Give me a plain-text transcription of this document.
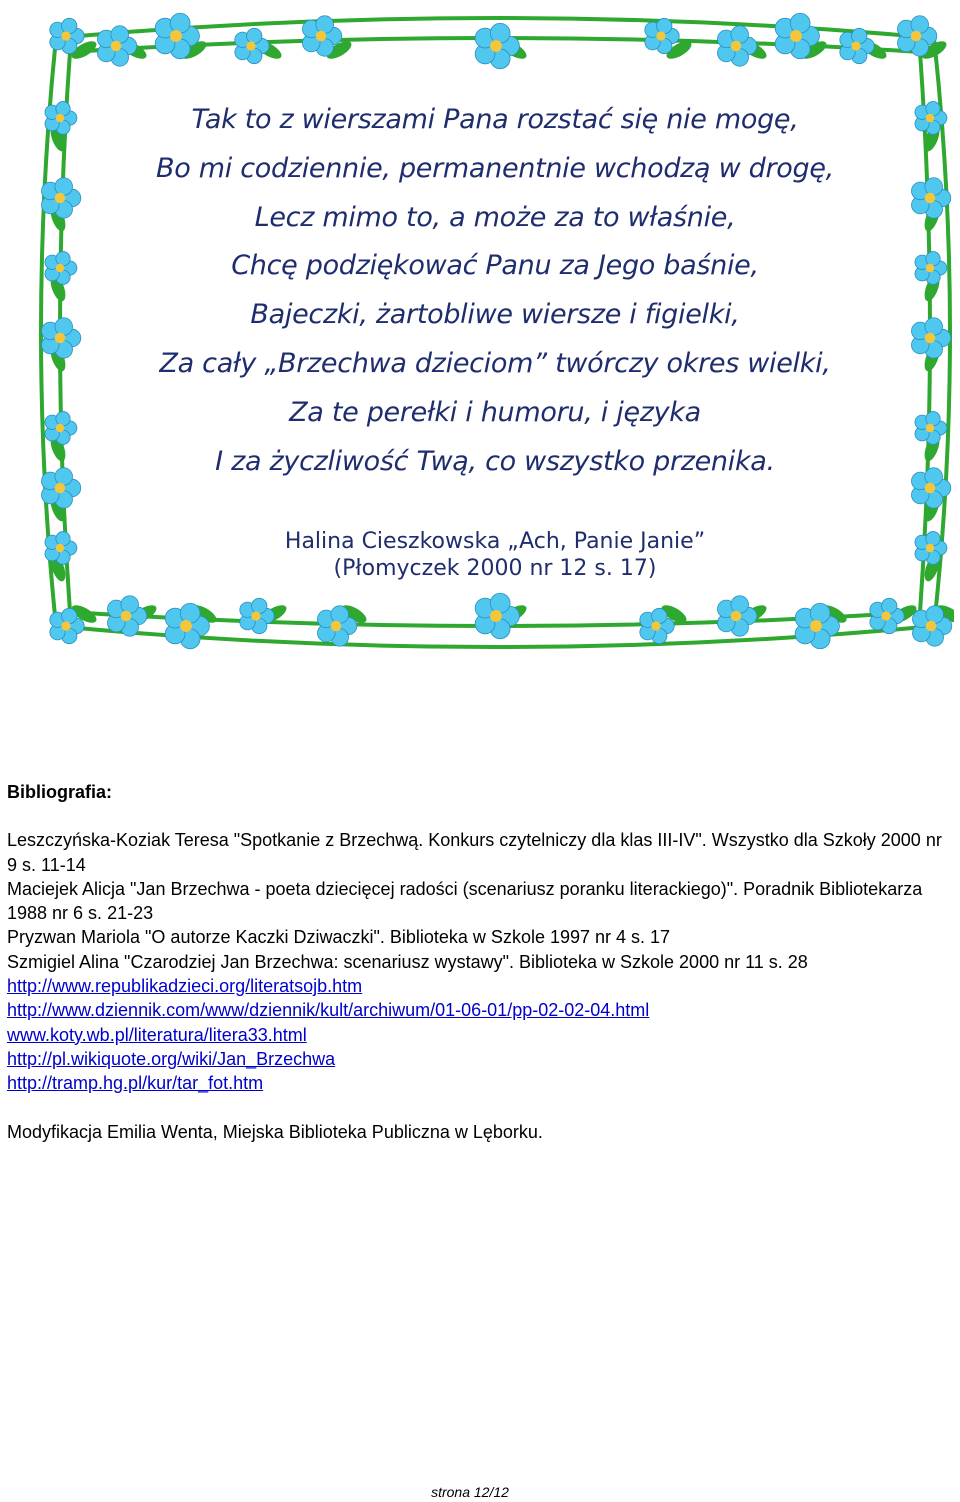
Tak to z wierszami Pana rozstać się nie mogę,
Bo mi codziennie, permanentnie wchodzą w drogę,
Lecz mimo to, a może za to właśnie,
Chcę podziękować Panu za Jego baśnie,
Bajeczki, żartobliwe wiersze i figielki,
Za cały „Brzechwa dzieciom” twórczy okres wielki,
Za te perełki i humoru, i języka
I za życzliwość Twą, co wszystko przenika.
Halina Cieszkowska „Ach, Panie Janie”
(Płomyczek 2000 nr 12 s. 17)
Bibliografia:

Leszczyńska-Koziak Teresa "Spotkanie z Brzechwą. Konkurs czytelniczy dla klas III-IV". Wszystko dla Szkoły 2000 nr 9 s. 11-14

Maciejek Alicja "Jan Brzechwa - poeta dziecięcej radości (scenariusz poranku literackiego)". Poradnik Bibliotekarza 1988 nr 6 s. 21-23

Pryzwan Mariola "O autorze Kaczki Dziwaczki". Biblioteka w Szkole 1997 nr 4 s. 17

Szmigiel Alina "Czarodziej Jan Brzechwa: scenariusz wystawy". Biblioteka w Szkole 2000 nr 11 s. 28

http://www.republikadzieci.org/literatsojb.htm
http://www.dziennik.com/www/dziennik/kult/archiwum/01-06-01/pp-02-02-04.html
www.koty.wb.pl/literatura/litera33.html
http://pl.wikiquote.org/wiki/Jan_Brzechwa
http://tramp.hg.pl/kur/tar_fot.htm
Modyfikacja Emilia Wenta, Miejska Biblioteka Publiczna w Lęborku.
strona 12/12
